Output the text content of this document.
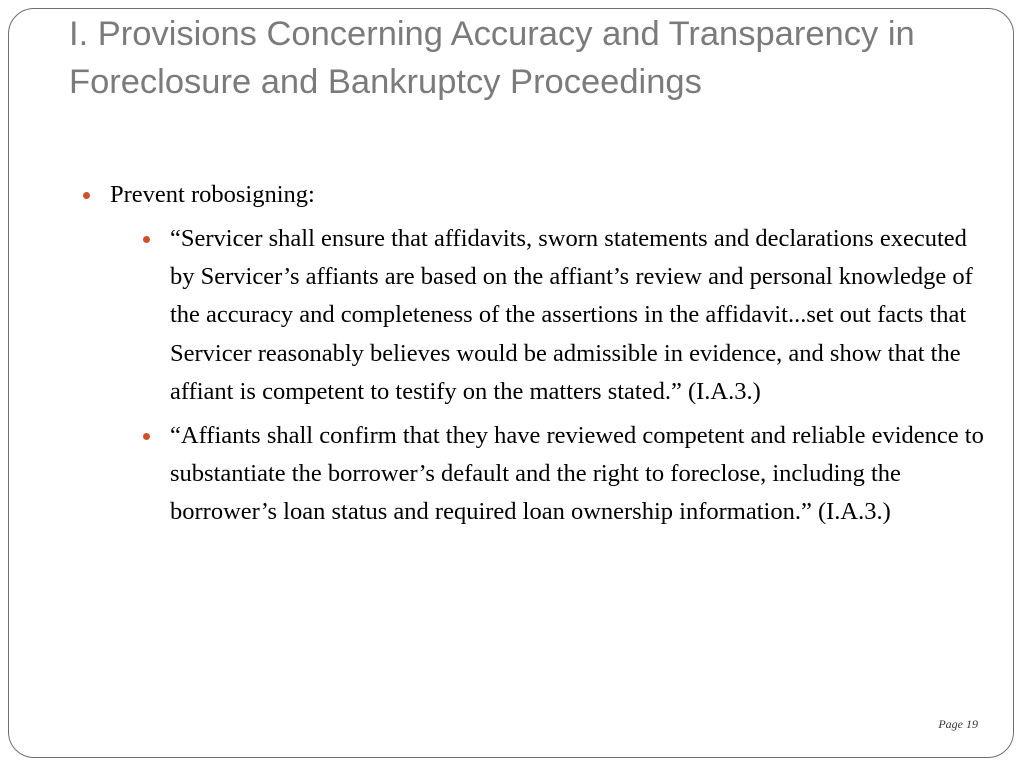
I. Provisions Concerning Accuracy and Transparency in Foreclosure and Bankruptcy Proceedings
Prevent robosigning:
“Servicer shall ensure that affidavits, sworn statements and declarations executed by Servicer’s affiants are based on the affiant’s review and personal knowledge of the accuracy and completeness of the assertions in the affidavit...set out facts that Servicer reasonably believes would be admissible in evidence, and show that the affiant is competent to testify on the matters stated.” (I.A.3.)
“Affiants shall confirm that they have reviewed competent and reliable evidence to substantiate the borrower’s default and the right to foreclose, including the borrower’s loan status and required loan ownership information.” (I.A.3.)
Page 19
